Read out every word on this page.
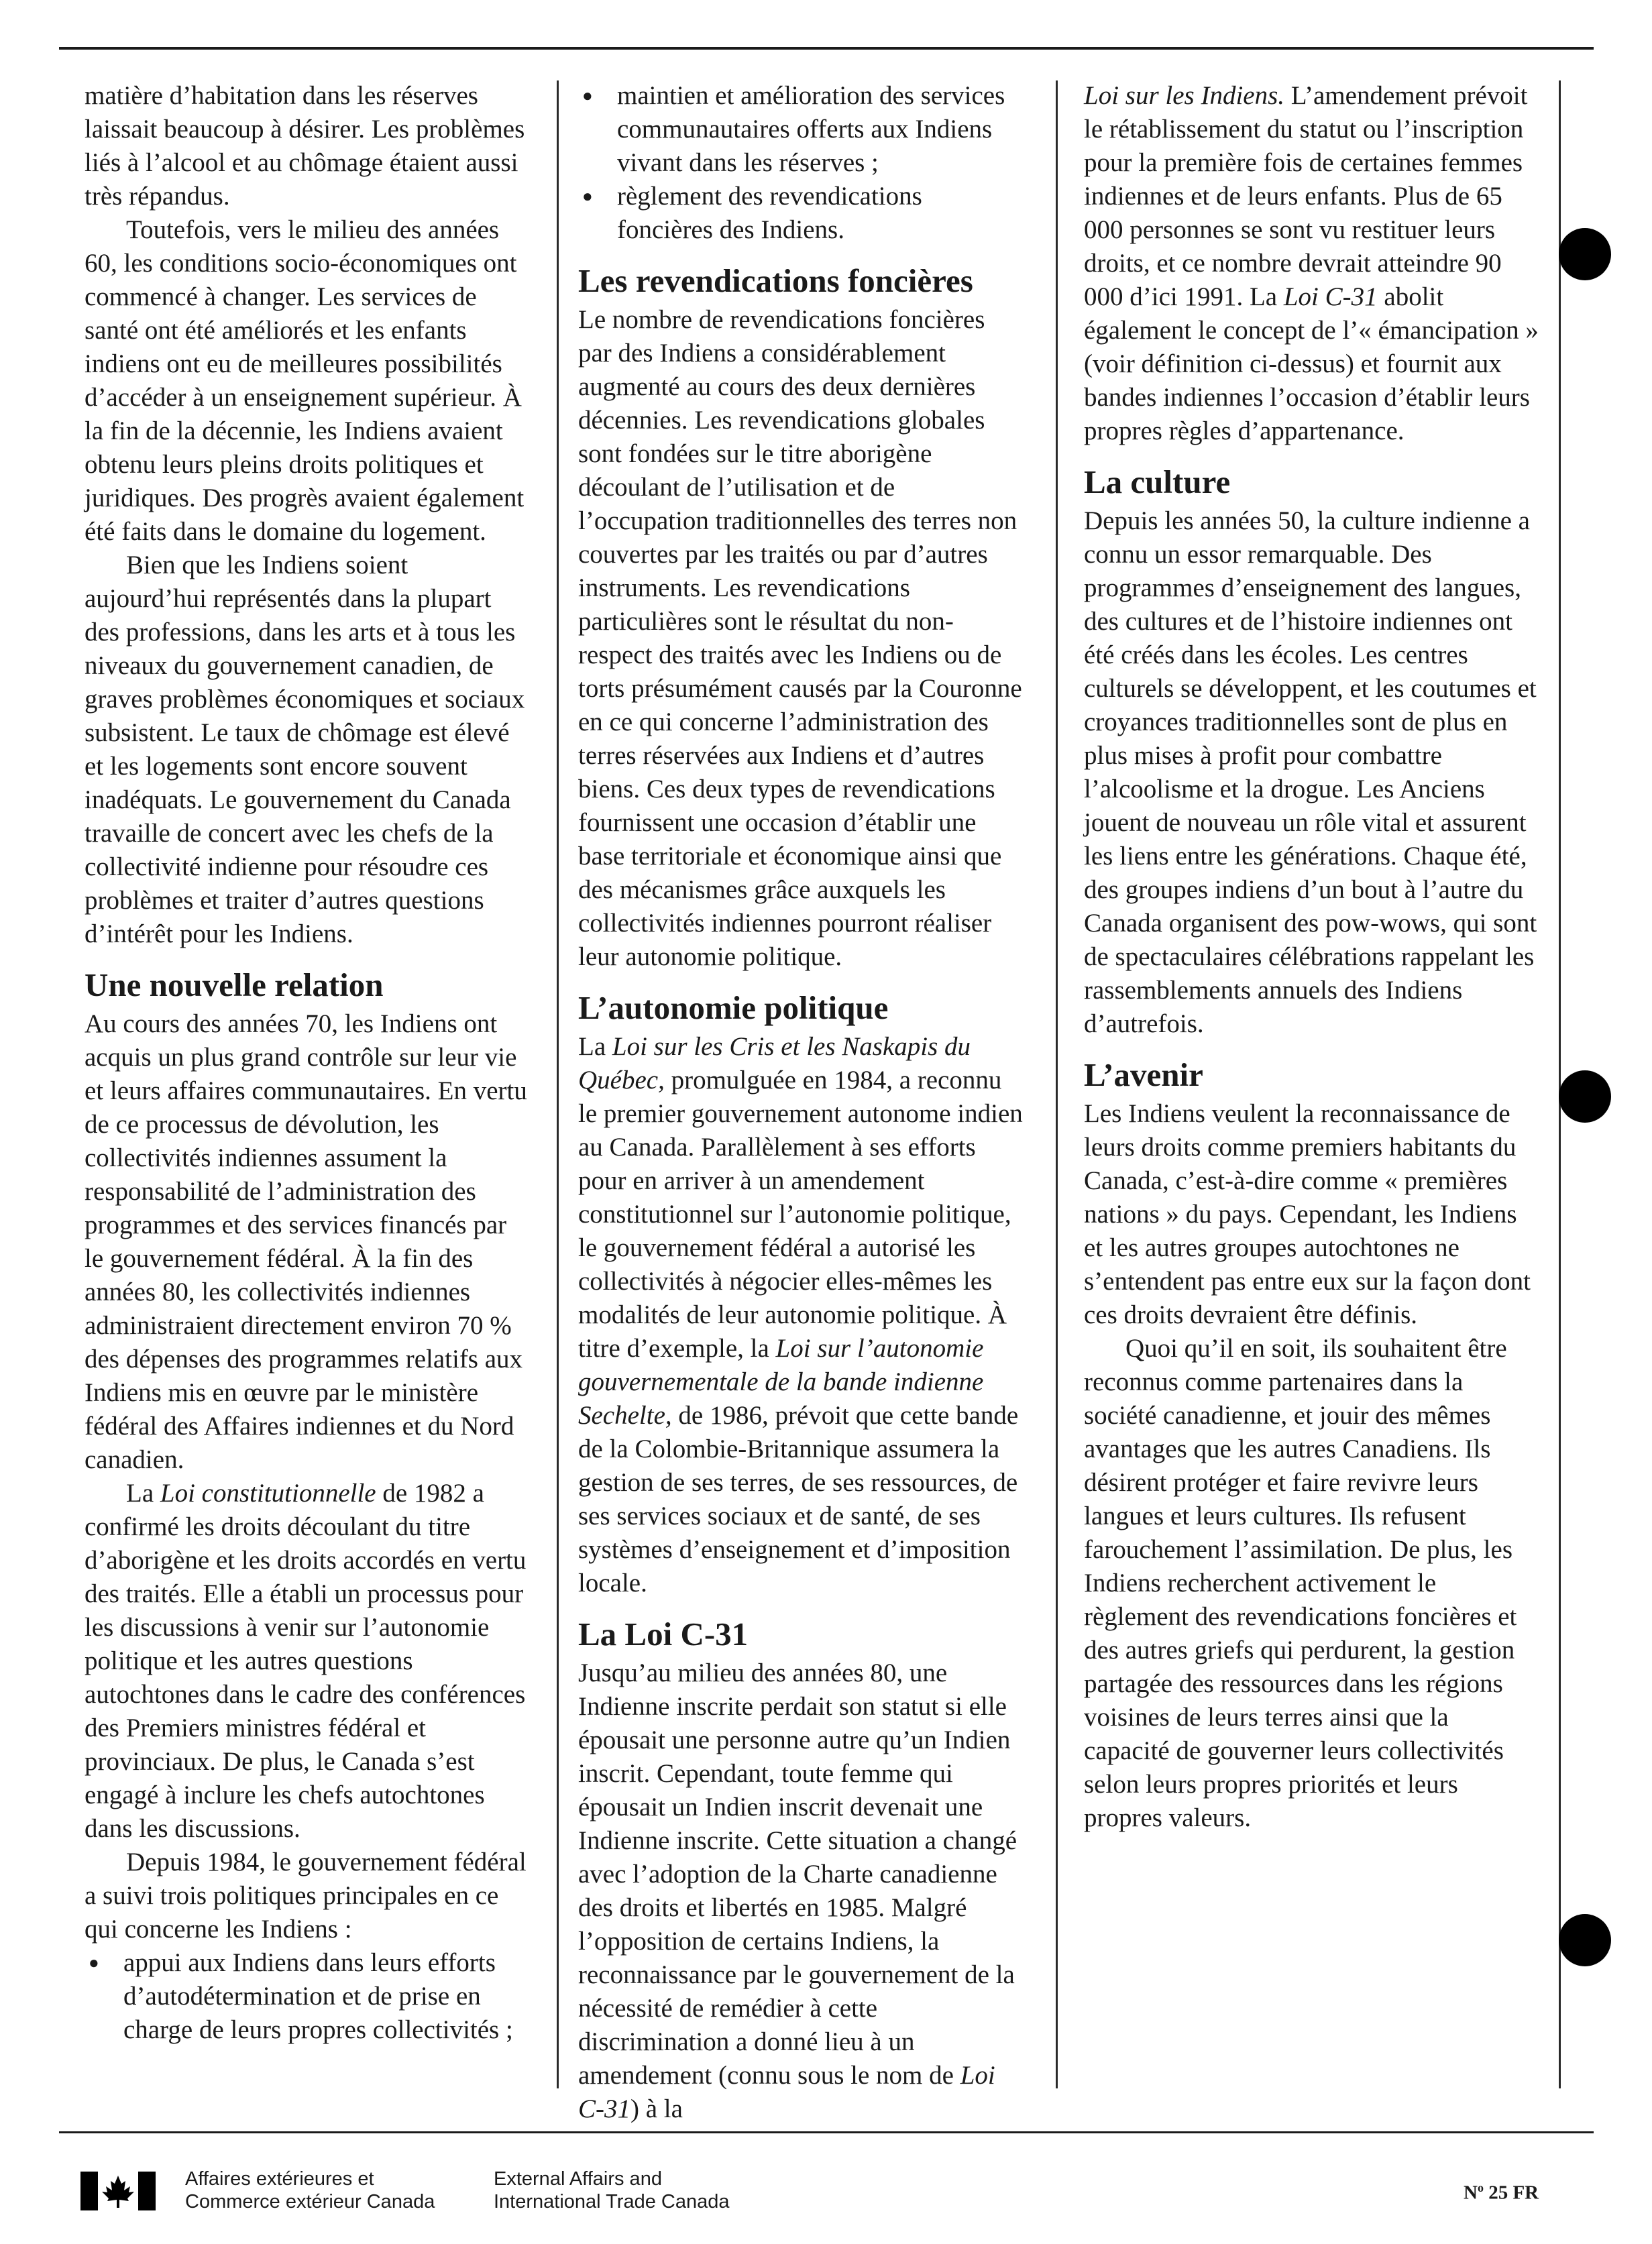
matière d’habitation dans les réserves laissait beaucoup à désirer. Les problèmes liés à l’alcool et au chômage étaient aussi très répandus.

Toutefois, vers le milieu des années 60, les conditions socio-économiques ont commencé à changer. Les services de santé ont été améliorés et les enfants indiens ont eu de meilleures possibilités d’accéder à un enseignement supérieur. À la fin de la décennie, les Indiens avaient obtenu leurs pleins droits politiques et juridiques. Des progrès avaient également été faits dans le domaine du logement.

Bien que les Indiens soient aujourd’hui représentés dans la plupart des professions, dans les arts et à tous les niveaux du gouvernement canadien, de graves problèmes économiques et sociaux subsistent. Le taux de chômage est élevé et les logements sont encore souvent inadéquats. Le gouvernement du Canada travaille de concert avec les chefs de la collectivité indienne pour résoudre ces problèmes et traiter d’autres questions d’intérêt pour les Indiens.

Une nouvelle relation

Au cours des années 70, les Indiens ont acquis un plus grand contrôle sur leur vie et leurs affaires communautaires. En vertu de ce processus de dévolution, les collectivités indiennes assument la responsabilité de l’administration des programmes et des services financés par le gouvernement fédéral. À la fin des années 80, les collectivités indiennes administraient directement environ 70 % des dépenses des programmes relatifs aux Indiens mis en œuvre par le ministère fédéral des Affaires indiennes et du Nord canadien.

La Loi constitutionnelle de 1982 a confirmé les droits découlant du titre d’aborigène et les droits accordés en vertu des traités. Elle a établi un processus pour les discussions à venir sur l’autonomie politique et les autres questions autochtones dans le cadre des conférences des Premiers ministres fédéral et provinciaux. De plus, le Canada s’est engagé à inclure les chefs autochtones dans les discussions.

Depuis 1984, le gouvernement fédéral a suivi trois politiques principales en ce qui concerne les Indiens :

● appui aux Indiens dans leurs efforts d’autodétermination et de prise en charge de leurs propres collectivités ;
● maintien et amélioration des services communautaires offerts aux Indiens vivant dans les réserves ;
● règlement des revendications foncières des Indiens.
Les revendications foncières

Le nombre de revendications foncières par des Indiens a considérablement augmenté au cours des deux dernières décennies. Les revendications globales sont fondées sur le titre aborigène découlant de l’utilisation et de l’occupation traditionnelles des terres non couvertes par les traités ou par d’autres instruments. Les revendications particulières sont le résultat du non-respect des traités avec les Indiens ou de torts présumément causés par la Couronne en ce qui concerne l’administration des terres réservées aux Indiens et d’autres biens. Ces deux types de revendications fournissent une occasion d’établir une base territoriale et économique ainsi que des mécanismes grâce auxquels les collectivités indiennes pourront réaliser leur autonomie politique.

L’autonomie politique

La Loi sur les Cris et les Naskapis du Québec, promulguée en 1984, a reconnu le premier gouvernement autonome indien au Canada. Parallèlement à ses efforts pour en arriver à un amendement constitutionnel sur l’autonomie politique, le gouvernement fédéral a autorisé les collectivités à négocier elles-mêmes les modalités de leur autonomie politique. À titre d’exemple, la Loi sur l’autonomie gouvernementale de la bande indienne Sechelte, de 1986, prévoit que cette bande de la Colombie-Britannique assumera la gestion de ses terres, de ses ressources, de ses services sociaux et de santé, de ses systèmes d’enseignement et d’imposition locale.

La Loi C-31

Jusqu’au milieu des années 80, une Indienne inscrite perdait son statut si elle épousait une personne autre qu’un Indien inscrit. Cependant, toute femme qui épousait un Indien inscrit devenait une Indienne inscrite. Cette situation a changé avec l’adoption de la Charte canadienne des droits et libertés en 1985. Malgré l’opposition de certains Indiens, la reconnaissance par le gouvernement de la nécessité de remédier à cette discrimination a donné lieu à un amendement (connu sous le nom de Loi C-31) à la

Loi sur les Indiens. L’amendement prévoit le rétablissement du statut ou l’inscription pour la première fois de certaines femmes indiennes et de leurs enfants. Plus de 65 000 personnes se sont vu restituer leurs droits, et ce nombre devrait atteindre 90 000 d’ici 1991. La Loi C-31 abolit également le concept de l’« émancipation » (voir définition ci-dessus) et fournit aux bandes indiennes l’occasion d’établir leurs propres règles d’appartenance.

La culture

Depuis les années 50, la culture indienne a connu un essor remarquable. Des programmes d’enseignement des langues, des cultures et de l’histoire indiennes ont été créés dans les écoles. Les centres culturels se développent, et les coutumes et croyances traditionnelles sont de plus en plus mises à profit pour combattre l’alcoolisme et la drogue. Les Anciens jouent de nouveau un rôle vital et assurent les liens entre les générations. Chaque été, des groupes indiens d’un bout à l’autre du Canada organisent des pow-wows, qui sont de spectaculaires célébrations rappelant les rassemblements annuels des Indiens d’autrefois.

L’avenir

Les Indiens veulent la reconnaissance de leurs droits comme premiers habitants du Canada, c’est-à-dire comme « premières nations » du pays. Cependant, les Indiens et les autres groupes autochtones ne s’entendent pas entre eux sur la façon dont ces droits devraient être définis.

Quoi qu’il en soit, ils souhaitent être reconnus comme partenaires dans la société canadienne, et jouir des mêmes avantages que les autres Canadiens. Ils désirent protéger et faire revivre leurs langues et leurs cultures. Ils refusent farouchement l’assimilation. De plus, les Indiens recherchent activement le règlement des revendications foncières et des autres griefs qui perdurent, la gestion partagée des ressources dans les régions voisines de leurs terres ainsi que la capacité de gouverner leurs collectivités selon leurs propres priorités et leurs propres valeurs.

Affaires extérieures et

Commerce extérieur Canada

External Affairs and

International Trade Canada	$N^o$ 25 FR
